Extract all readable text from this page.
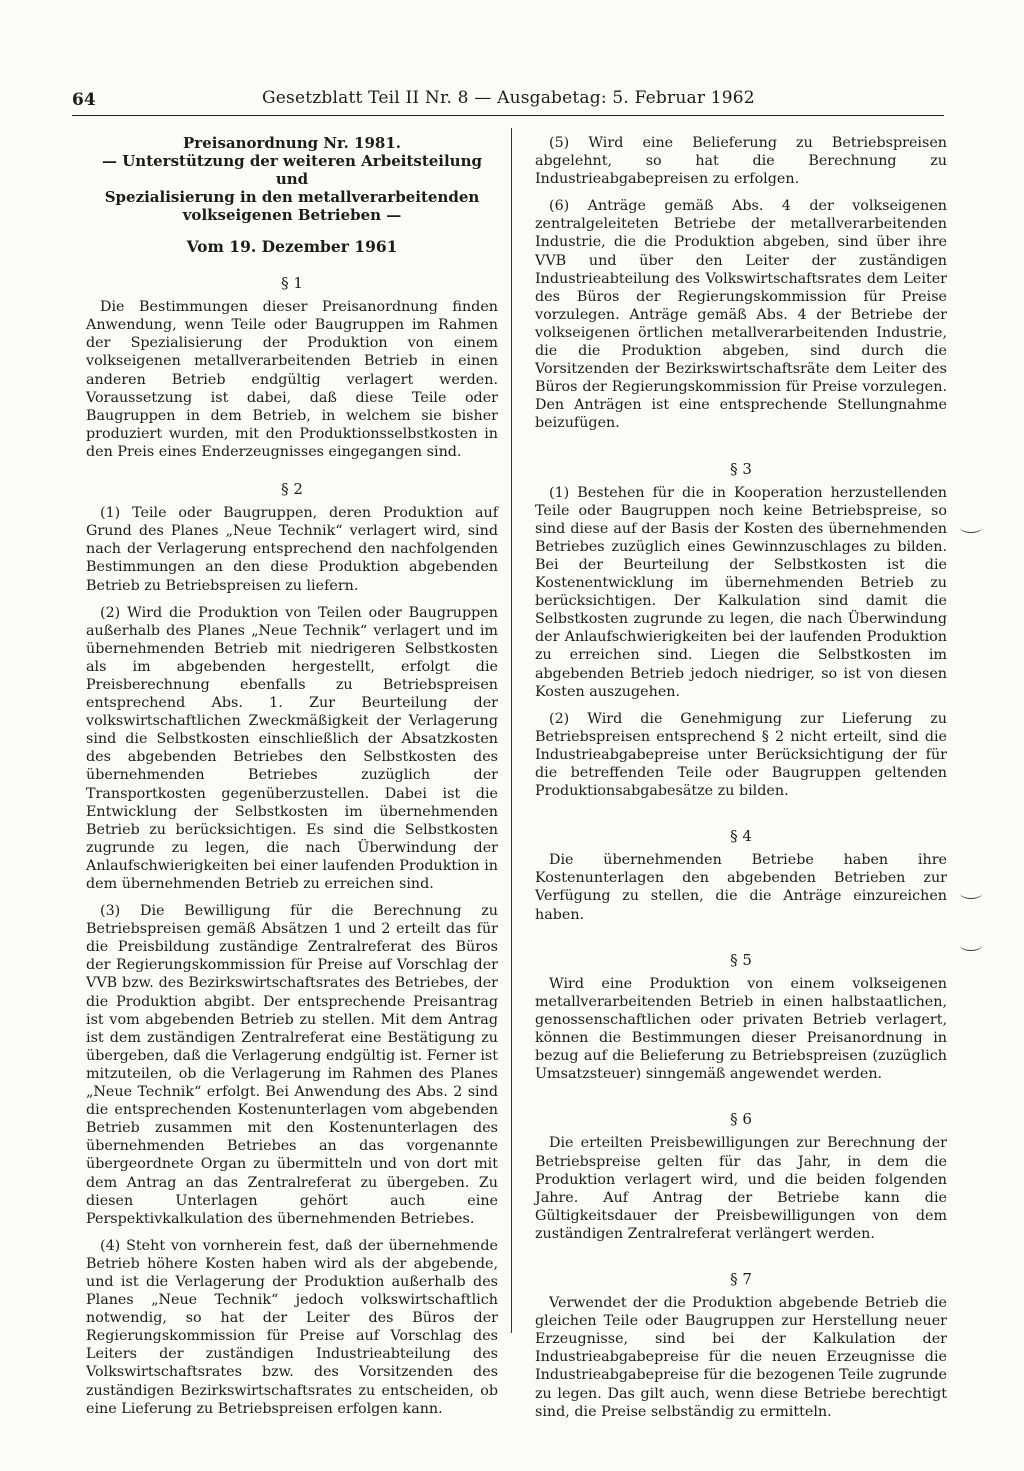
64	Gesetzblatt Teil II Nr. 8 — Ausgabetag: 5. Februar 1962

Preisanordnung Nr. 1981.

— Unterstützung der weiteren Arbeitsteilung und

Spezialisierung in den metallverarbeitenden

volkseigenen Betrieben —

Vom 19. Dezember 1961
§ 1

Die Bestimmungen dieser Preisanordnung finden Anwendung, wenn Teile oder Baugruppen im Rahmen der Spezialisierung der Produktion von einem volkseigenen metallverarbeitenden Betrieb in einen anderen Betrieb endgültig verlagert werden. Voraussetzung ist dabei, daß diese Teile oder Baugruppen in dem Betrieb, in welchem sie bisher produziert wurden, mit den Produktionsselbstkosten in den Preis eines Enderzeugnisses eingegangen sind.

§ 2

(1) Teile oder Baugruppen, deren Produktion auf Grund des Planes „Neue Technik“ verlagert wird, sind nach der Verlagerung entsprechend den nachfolgenden Bestimmungen an den diese Produktion abgebenden Betrieb zu Betriebspreisen zu liefern.

(2) Wird die Produktion von Teilen oder Baugruppen außerhalb des Planes „Neue Technik“ verlagert und im übernehmenden Betrieb mit niedrigeren Selbstkosten als im abgebenden hergestellt, erfolgt die Preisberechnung ebenfalls zu Betriebspreisen entsprechend Abs. 1. Zur Beurteilung der volkswirtschaftlichen Zweckmäßigkeit der Verlagerung sind die Selbstkosten einschließlich der Absatzkosten des abgebenden Betriebes den Selbstkosten des übernehmenden Betriebes zuzüglich der Transportkosten gegenüberzustellen. Dabei ist die Entwicklung der Selbstkosten im übernehmenden Betrieb zu berücksichtigen. Es sind die Selbstkosten zugrunde zu legen, die nach Überwindung der Anlaufschwierigkeiten bei einer laufenden Produktion in dem übernehmenden Betrieb zu erreichen sind.

(3) Die Bewilligung für die Berechnung zu Betriebspreisen gemäß Absätzen 1 und 2 erteilt das für die Preisbildung zuständige Zentralreferat des Büros der Regierungskommission für Preise auf Vorschlag der VVB bzw. des Bezirkswirtschaftsrates des Betriebes, der die Produktion abgibt. Der entsprechende Preisantrag ist vom abgebenden Betrieb zu stellen. Mit dem Antrag ist dem zuständigen Zentralreferat eine Bestätigung zu übergeben, daß die Verlagerung endgültig ist. Ferner ist mitzuteilen, ob die Verlagerung im Rahmen des Planes „Neue Technik“ erfolgt. Bei Anwendung des Abs. 2 sind die entsprechenden Kostenunterlagen vom abgebenden Betrieb zusammen mit den Kostenunterlagen des übernehmenden Betriebes an das vorgenannte übergeordnete Organ zu übermitteln und von dort mit dem Antrag an das Zentralreferat zu übergeben. Zu diesen Unterlagen gehört auch eine Perspektivkalkulation des übernehmenden Betriebes.

(4) Steht von vornherein fest, daß der übernehmende Betrieb höhere Kosten haben wird als der abgebende, und ist die Verlagerung der Produktion außerhalb des Planes „Neue Technik“ jedoch volkswirtschaftlich notwendig, so hat der Leiter des Büros der Regierungskommission für Preise auf Vorschlag des Leiters der zuständigen Industrieabteilung des Volkswirtschaftsrates bzw. des Vorsitzenden des zuständigen Bezirkswirtschaftsrates zu entscheiden, ob eine Lieferung zu Betriebspreisen erfolgen kann.

(5) Wird eine Belieferung zu Betriebspreisen abgelehnt, so hat die Berechnung zu Industrieabgabepreisen zu erfolgen.

(6) Anträge gemäß Abs. 4 der volkseigenen zentralgeleiteten Betriebe der metallverarbeitenden Industrie, die die Produktion abgeben, sind über ihre VVB und über den Leiter der zuständigen Industrieabteilung des Volkswirtschaftsrates dem Leiter des Büros der Regierungskommission für Preise vorzulegen. Anträge gemäß Abs. 4 der Betriebe der volkseigenen örtlichen metallverarbeitenden Industrie, die die Produktion abgeben, sind durch die Vorsitzenden der Bezirkswirtschaftsräte dem Leiter des Büros der Regierungskommission für Preise vorzulegen. Den Anträgen ist eine entsprechende Stellungnahme beizufügen.

§ 3

(1) Bestehen für die in Kooperation herzustellenden Teile oder Baugruppen noch keine Betriebspreise, so sind diese auf der Basis der Kosten des übernehmenden Betriebes zuzüglich eines Gewinnzuschlages zu bilden. Bei der Beurteilung der Selbstkosten ist die Kostenentwicklung im übernehmenden Betrieb zu berücksichtigen. Der Kalkulation sind damit die Selbstkosten zugrunde zu legen, die nach Überwindung der Anlaufschwierigkeiten bei der laufenden Produktion zu erreichen sind. Liegen die Selbstkosten im abgebenden Betrieb jedoch niedriger, so ist von diesen Kosten auszugehen.

(2) Wird die Genehmigung zur Lieferung zu Betriebspreisen entsprechend § 2 nicht erteilt, sind die Industrieabgabepreise unter Berücksichtigung der für die betreffenden Teile oder Baugruppen geltenden Produktionsabgabesätze zu bilden.

§ 4

Die übernehmenden Betriebe haben ihre Kostenunterlagen den abgebenden Betrieben zur Verfügung zu stellen, die die Anträge einzureichen haben.

§ 5

Wird eine Produktion von einem volkseigenen metallverarbeitenden Betrieb in einen halbstaatlichen, genossenschaftlichen oder privaten Betrieb verlagert, können die Bestimmungen dieser Preisanordnung in bezug auf die Belieferung zu Betriebspreisen (zuzüglich Umsatzsteuer) sinngemäß angewendet werden.

§ 6

Die erteilten Preisbewilligungen zur Berechnung der Betriebspreise gelten für das Jahr, in dem die Produktion verlagert wird, und die beiden folgenden Jahre. Auf Antrag der Betriebe kann die Gültigkeitsdauer der Preisbewilligungen von dem zuständigen Zentralreferat verlängert werden.

§ 7

Verwendet der die Produktion abgebende Betrieb die gleichen Teile oder Baugruppen zur Herstellung neuer Erzeugnisse, sind bei der Kalkulation der Industrieabgabepreise für die neuen Erzeugnisse die Industrieabgabepreise für die bezogenen Teile zugrunde zu legen. Das gilt auch, wenn diese Betriebe berechtigt sind, die Preise selbständig zu ermitteln.
